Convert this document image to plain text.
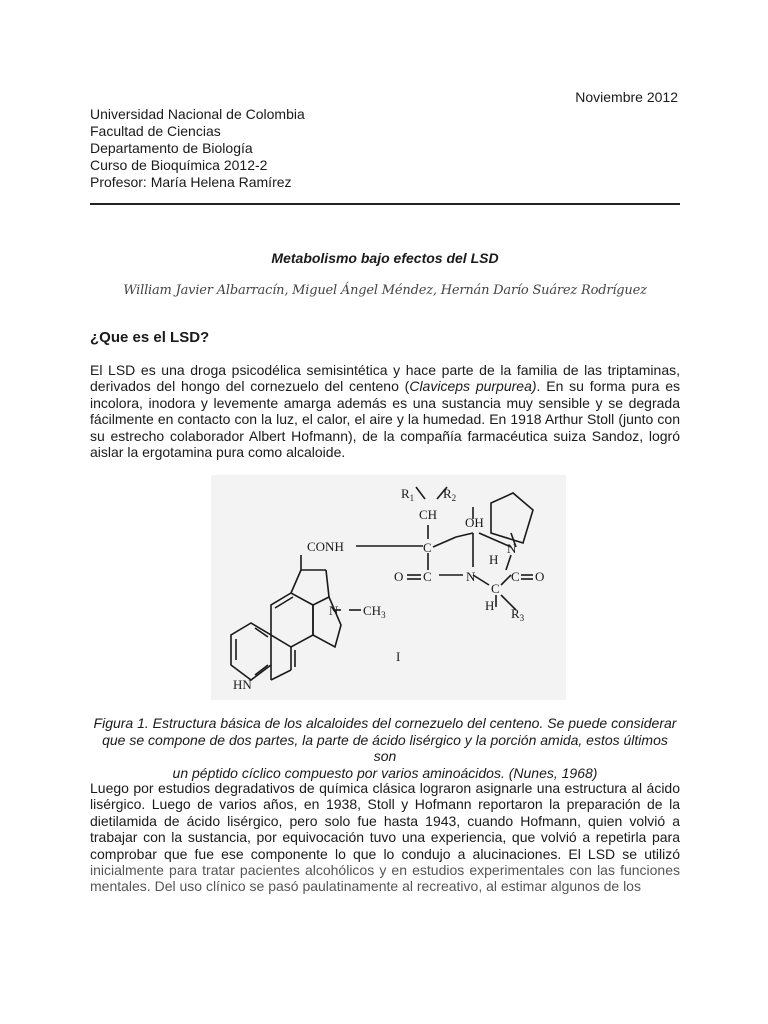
Noviembre 2012
Universidad Nacional de Colombia
Facultad de Ciencias
Departamento de Biología
Curso de Bioquímica 2012-2
Profesor: María Helena Ramírez
Metabolismo bajo efectos del LSD
William Javier Albarracín, Miguel Ángel Méndez, Hernán Darío Suárez Rodríguez
¿Que es el LSD?
El LSD es una droga psicodélica semisintética y hace parte de la familia de las triptaminas, derivados del hongo del cornezuelo del centeno (Claviceps purpurea). En su forma pura es incolora, inodora y levemente amarga además es una sustancia muy sensible y se degrada fácilmente en contacto con la luz, el calor, el aire y la humedad. En 1918 Arthur Stoll (junto con su estrecho colaborador Albert Hofmann), de la compañía farmacéutica suiza Sandoz, logró aislar la ergotamina pura como alcaloide.
$R_1$ $R_2$
CH
OH
CONH	C
H
N
O C	N
C
H
C O
$R_3$
N $CH_3$
HN
I
Figura 1. Estructura básica de los alcaloides del cornezuelo del centeno. Se puede considerar
que se compone de dos partes, la parte de ácido lisérgico y la porción amida, estos últimos son
un péptido cíclico compuesto por varios aminoácidos. (Nunes, 1968)
Luego por estudios degradativos de química clásica lograron asignarle una estructura al ácido lisérgico. Luego de varios años, en 1938, Stoll y Hofmann reportaron la preparación de la dietilamida de ácido lisérgico, pero solo fue hasta 1943, cuando Hofmann, quien volvió a trabajar con la sustancia, por equivocación tuvo una experiencia, que volvió a repetirla para comprobar que fue ese componente lo que lo condujo a alucinaciones. El LSD se utilizó inicialmente para tratar pacientes alcohólicos y en estudios experimentales con las funciones mentales. Del uso clínico se pasó paulatinamente al recreativo, al estimar algunos de los
